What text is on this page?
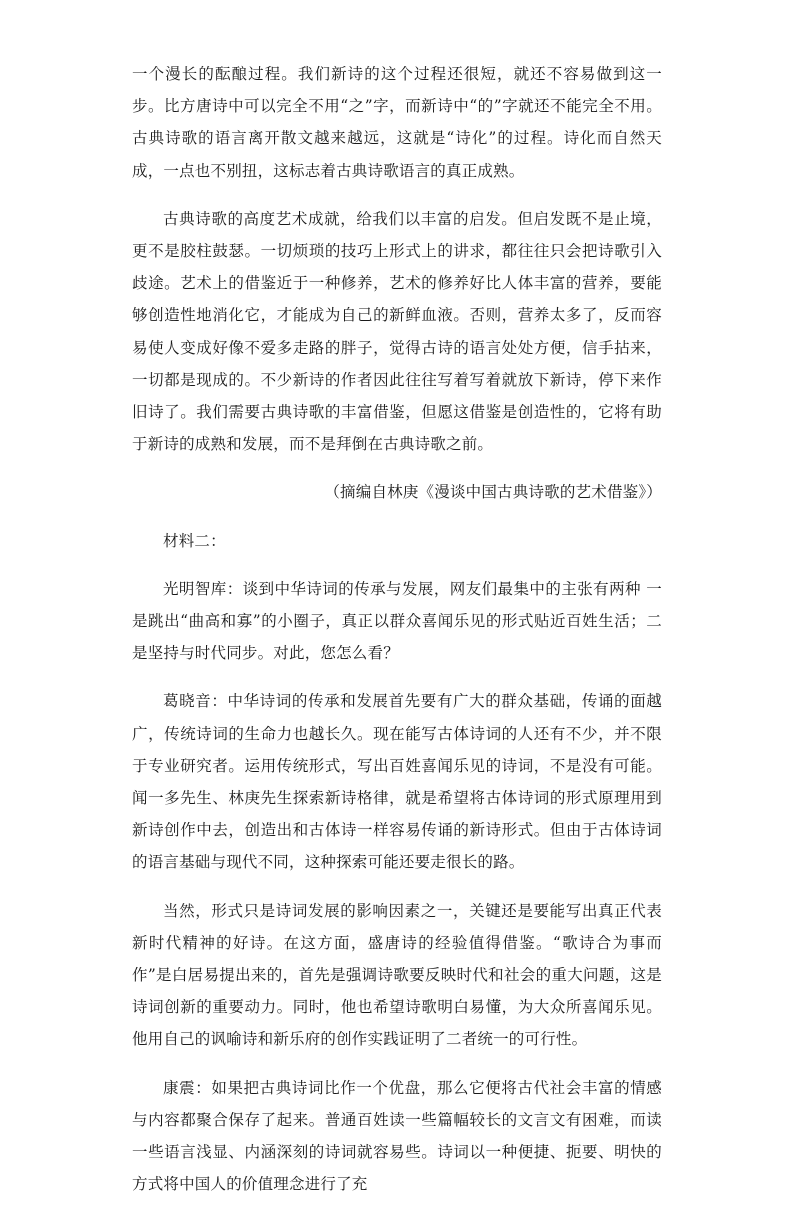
一个漫长的酝酿过程。我们新诗的这个过程还很短，就还不容易做到这一步。比方唐诗中可以完全不用“之”字，而新诗中“的”字就还不能完全不用。古典诗歌的语言离开散文越来越远，这就是“诗化”的过程。诗化而自然天成，一点也不别扭，这标志着古典诗歌语言的真正成熟。

古典诗歌的高度艺术成就，给我们以丰富的启发。但启发既不是止境，更不是胶柱鼓瑟。一切烦琐的技巧上形式上的讲求，都往往只会把诗歌引入歧途。艺术上的借鉴近于一种修养，艺术的修养好比人体丰富的营养，要能够创造性地消化它，才能成为自己的新鲜血液。否则，营养太多了，反而容易使人变成好像不爱多走路的胖子，觉得古诗的语言处处方便，信手拈来，一切都是现成的。不少新诗的作者因此往往写着写着就放下新诗，停下来作旧诗了。我们需要古典诗歌的丰富借鉴，但愿这借鉴是创造性的，它将有助于新诗的成熟和发展，而不是拜倒在古典诗歌之前。

（摘编自林庚《漫谈中国古典诗歌的艺术借鉴》）

材料二：

光明智库：谈到中华诗词的传承与发展，网友们最集中的主张有两种 一是跳出“曲高和寡”的小圈子，真正以群众喜闻乐见的形式贴近百姓生活；二是坚持与时代同步。对此，您怎么看？

葛晓音：中华诗词的传承和发展首先要有广大的群众基础，传诵的面越广，传统诗词的生命力也越长久。现在能写古体诗词的人还有不少，并不限于专业研究者。运用传统形式，写出百姓喜闻乐见的诗词，不是没有可能。闻一多先生、林庚先生探索新诗格律，就是希望将古体诗词的形式原理用到新诗创作中去，创造出和古体诗一样容易传诵的新诗形式。但由于古体诗词的语言基础与现代不同，这种探索可能还要走很长的路。

当然，形式只是诗词发展的影响因素之一，关键还是要能写出真正代表新时代精神的好诗。在这方面，盛唐诗的经验值得借鉴。“歌诗合为事而作”是白居易提出来的，首先是强调诗歌要反映时代和社会的重大问题，这是诗词创新的重要动力。同时，他也希望诗歌明白易懂，为大众所喜闻乐见。他用自己的讽喻诗和新乐府的创作实践证明了二者统一的可行性。

康震：如果把古典诗词比作一个优盘，那么它便将古代社会丰富的情感与内容都聚合保存了起来。普通百姓读一些篇幅较长的文言文有困难，而读一些语言浅显、内涵深刻的诗词就容易些。诗词以一种便捷、扼要、明快的方式将中国人的价值理念进行了充
